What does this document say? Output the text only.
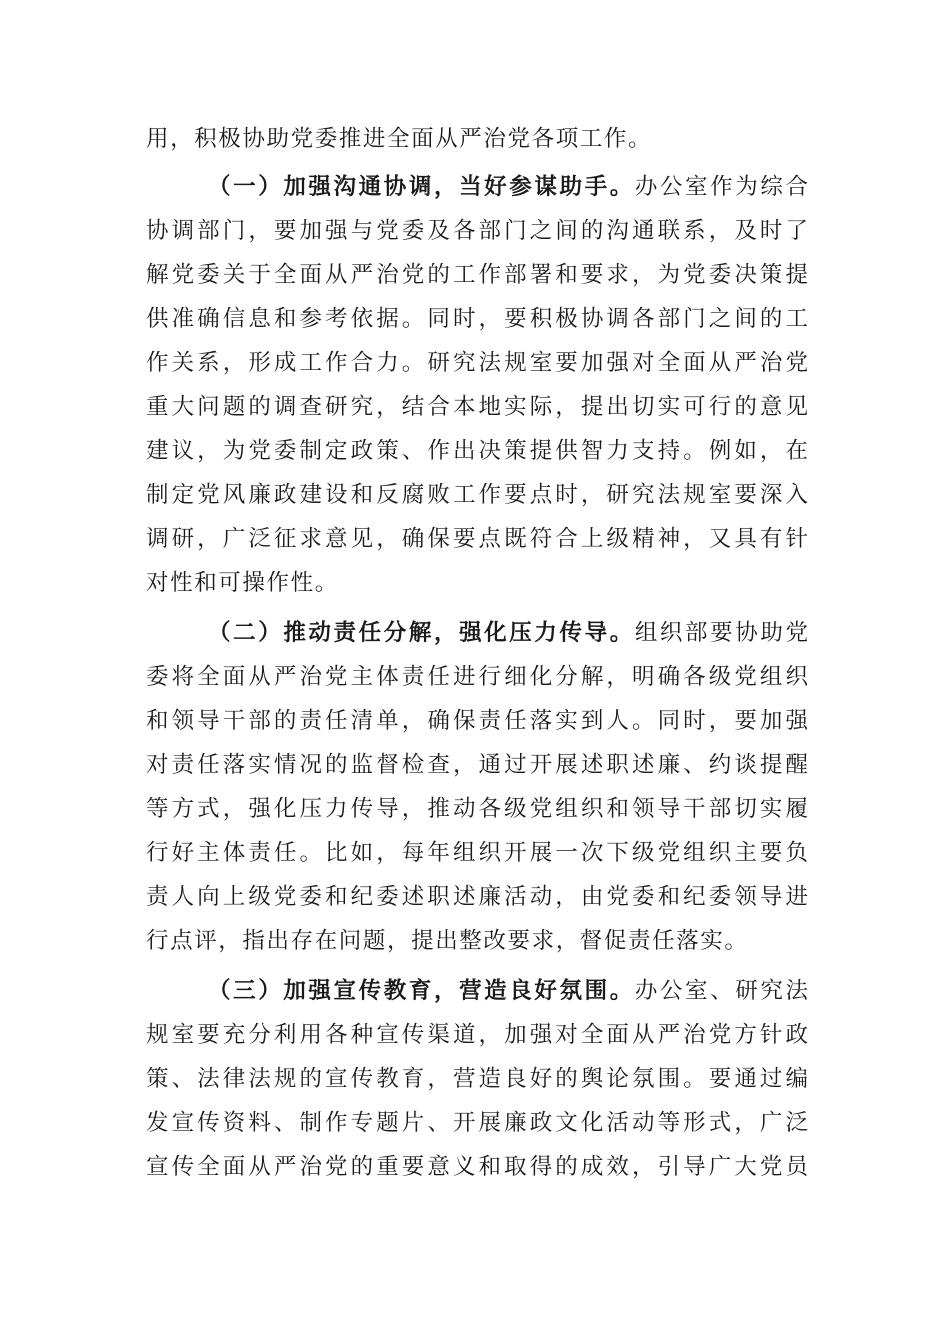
用，积极协助党委推进全面从严治党各项工作。
（一）加强沟通协调，当好参谋助手。办公室作为综合
协调部门，要加强与党委及各部门之间的沟通联系，及时了
解党委关于全面从严治党的工作部署和要求，为党委决策提
供准确信息和参考依据。同时，要积极协调各部门之间的工
作关系，形成工作合力。研究法规室要加强对全面从严治党
重大问题的调查研究，结合本地实际，提出切实可行的意见
建议，为党委制定政策、作出决策提供智力支持。例如，在
制定党风廉政建设和反腐败工作要点时，研究法规室要深入
调研，广泛征求意见，确保要点既符合上级精神，又具有针
对性和可操作性。
（二）推动责任分解，强化压力传导。组织部要协助党
委将全面从严治党主体责任进行细化分解，明确各级党组织
和领导干部的责任清单，确保责任落实到人。同时，要加强
对责任落实情况的监督检查，通过开展述职述廉、约谈提醒
等方式，强化压力传导，推动各级党组织和领导干部切实履
行好主体责任。比如，每年组织开展一次下级党组织主要负
责人向上级党委和纪委述职述廉活动，由党委和纪委领导进
行点评，指出存在问题，提出整改要求，督促责任落实。
（三）加强宣传教育，营造良好氛围。办公室、研究法
规室要充分利用各种宣传渠道，加强对全面从严治党方针政
策、法律法规的宣传教育，营造良好的舆论氛围。要通过编
发宣传资料、制作专题片、开展廉政文化活动等形式，广泛
宣传全面从严治党的重要意义和取得的成效，引导广大党员
